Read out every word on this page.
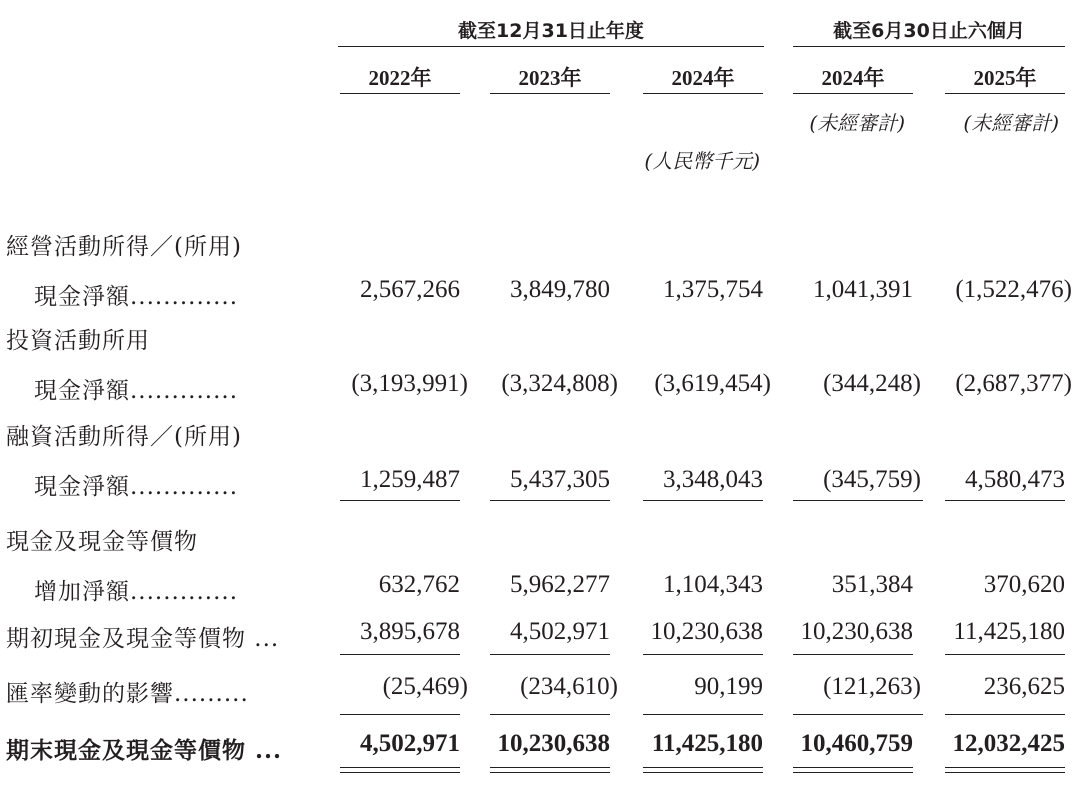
截至12月31日止年度	截至6月30日止六個月
2022年	2023年	2024年	2024年	2025年
(未經審計)	(未經審計)
(人民幣千元)
經營活動所得／(所用)
現金淨額.............	2,567,266	3,849,780	1,375,754	1,041,391	(1,522,476)
投資活動所用
現金淨額.............	(3,193,991)	(3,324,808)	(3,619,454)	(344,248)	(2,687,377)
融資活動所得／(所用)
現金淨額.............	1,259,487	5,437,305	3,348,043	(345,759)	4,580,473
現金及現金等價物
增加淨額.............	632,762	5,962,277	1,104,343	351,384	370,620
期初現金及現金等價物 ...	3,895,678	4,502,971	10,230,638	10,230,638	11,425,180
匯率變動的影響.........	(25,469)	(234,610)	90,199	(121,263)	236,625
期末現金及現金等價物 ...	4,502,971	10,230,638	11,425,180	10,460,759	12,032,425
